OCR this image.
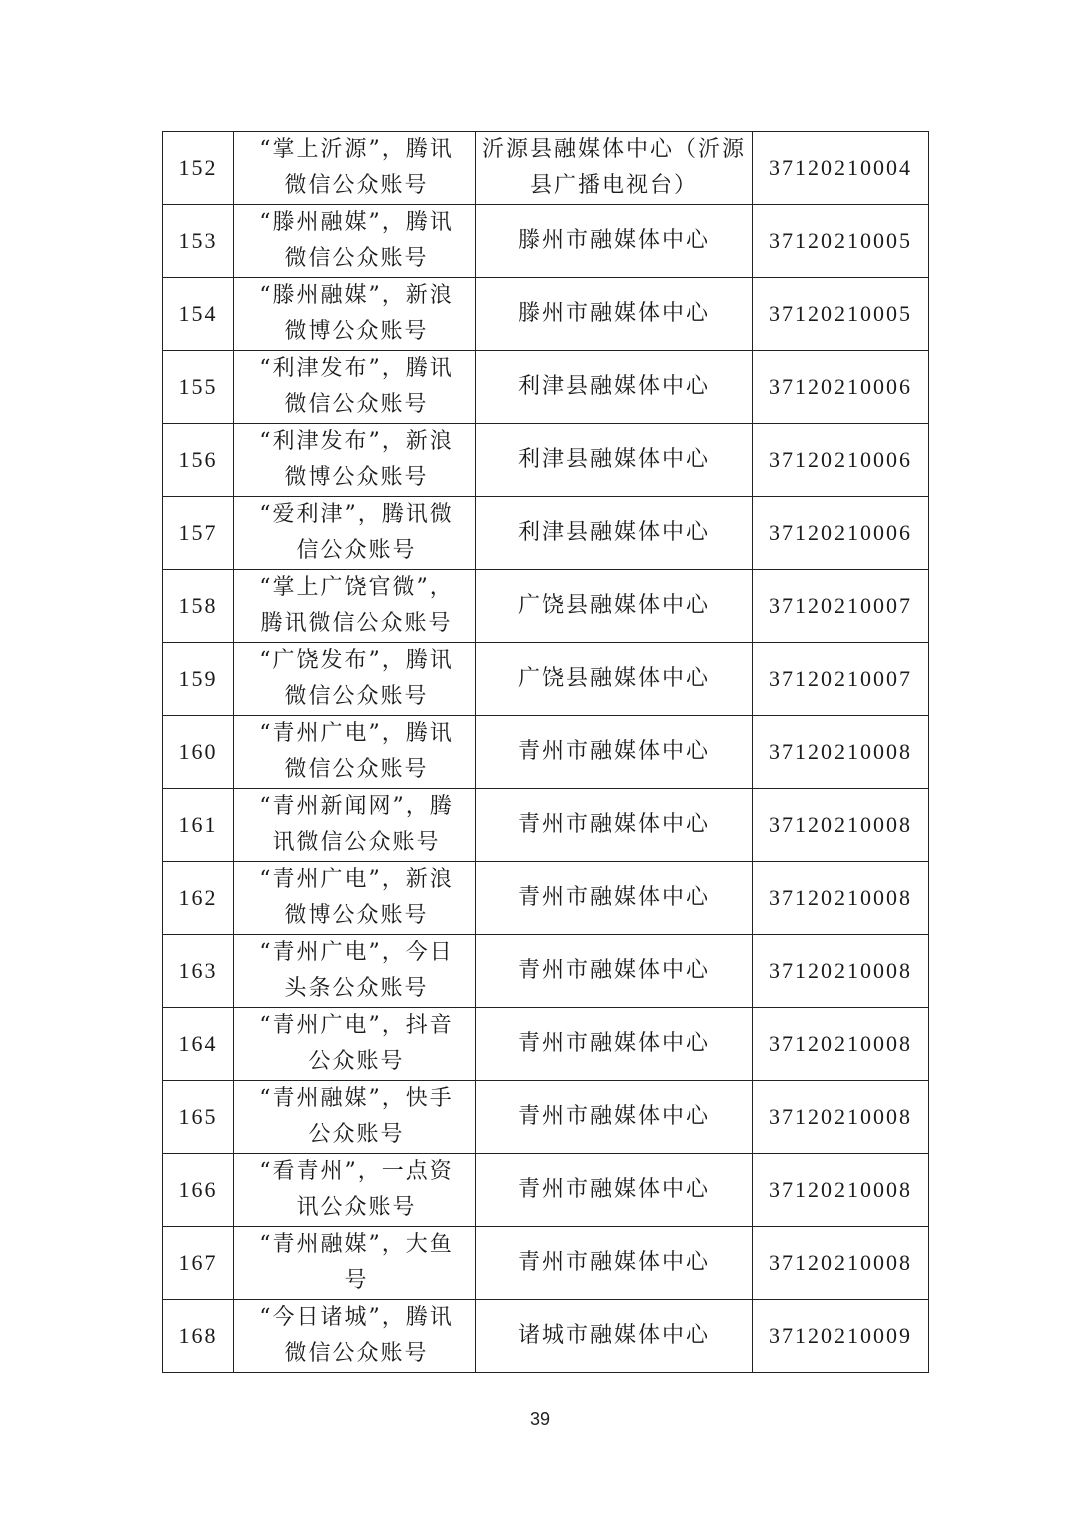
152	“掌上沂源”，腾讯微信公众账号	沂源县融媒体中心（沂源县广播电视台）	37120210004
153	“滕州融媒”，腾讯微信公众账号	滕州市融媒体中心	37120210005
154	“滕州融媒”，新浪微博公众账号	滕州市融媒体中心	37120210005
155	“利津发布”，腾讯微信公众账号	利津县融媒体中心	37120210006
156	“利津发布”，新浪微博公众账号	利津县融媒体中心	37120210006
157	“爱利津”，腾讯微信公众账号	利津县融媒体中心	37120210006
158	“掌上广饶官微”，腾讯微信公众账号	广饶县融媒体中心	37120210007
159	“广饶发布”，腾讯微信公众账号	广饶县融媒体中心	37120210007
160	“青州广电”，腾讯微信公众账号	青州市融媒体中心	37120210008
161	“青州新闻网”，腾讯微信公众账号	青州市融媒体中心	37120210008
162	“青州广电”，新浪微博公众账号	青州市融媒体中心	37120210008
163	“青州广电”，今日头条公众账号	青州市融媒体中心	37120210008
164	“青州广电”，抖音公众账号	青州市融媒体中心	37120210008
165	“青州融媒”，快手公众账号	青州市融媒体中心	37120210008
166	“看青州”，一点资讯公众账号	青州市融媒体中心	37120210008
167	“青州融媒”，大鱼号	青州市融媒体中心	37120210008
168	“今日诸城”，腾讯微信公众账号	诸城市融媒体中心	37120210009
39
